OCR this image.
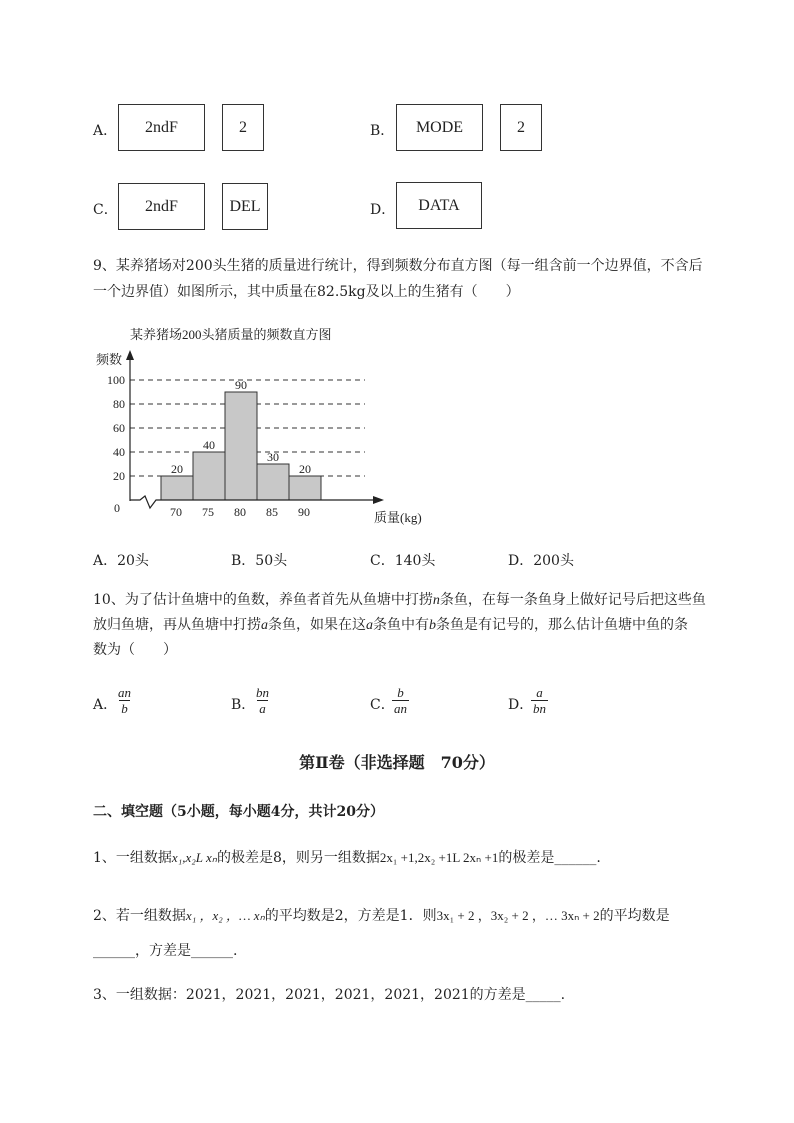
A．	2ndF	2	B．	MODE	2
C．	2ndF	DEL	D．	DATA
9、某养猪场对200头生猪的质量进行统计，得到频数分布直方图（每一组含前一个边界值，不含后
一个边界值）如图所示，其中质量在82.5kg及以上的生猪有（　　）
某养猪场200头猪质量的频数直方图
频数
质量(kg)
20
40
90
30
20
0
20
40
60
80
100
70 75 80 85 90
A．20头	B．50头	C．140头	D．200头
10、为了估计鱼塘中的鱼数，养鱼者首先从鱼塘中打捞n条鱼，在每一条鱼身上做好记号后把这些鱼
放归鱼塘，再从鱼塘中打捞a条鱼，如果在这a条鱼中有b条鱼是有记号的，那么估计鱼塘中鱼的条
数为（　　）
A．
$\frac{an}{b}$	B．
$\frac{bn}{a}$	C．
$\frac{b}{an}$	D．
$\frac{a}{bn}$
第Ⅱ卷（非选择题　70分）
二、填空题（5小题，每小题4分，共计20分）
1、一组数据x₁,x₂L xₙ的极差是8，则另一组数据2x₁ +1,2x₂ +1L 2xₙ +1的极差是______.
2、若一组数据x₁ ，x₂ ，… xₙ的平均数是2，方差是1．则3x₁ + 2 ，3x₂ + 2 ，… 3xₙ + 2的平均数是
______，方差是______.
3、一组数据：2021，2021，2021，2021，2021，2021的方差是_____.
